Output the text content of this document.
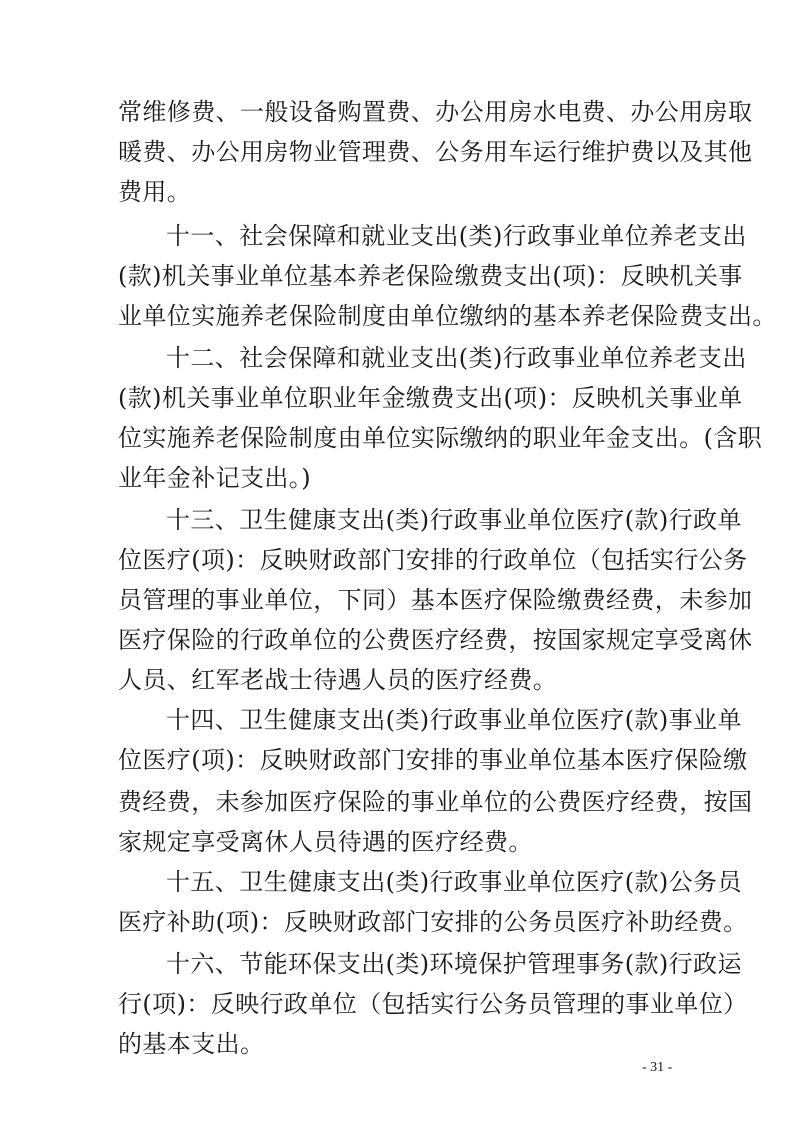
常维修费、一般设备购置费、办公用房水电费、办公用房取
暖费、办公用房物业管理费、公务用车运行维护费以及其他
费用。
十一、社会保障和就业支出(类)行政事业单位养老支出
(款)机关事业单位基本养老保险缴费支出(项)：反映机关事
业单位实施养老保险制度由单位缴纳的基本养老保险费支出。
十二、社会保障和就业支出(类)行政事业单位养老支出
(款)机关事业单位职业年金缴费支出(项)：反映机关事业单
位实施养老保险制度由单位实际缴纳的职业年金支出。(含职
业年金补记支出。)
十三、卫生健康支出(类)行政事业单位医疗(款)行政单
位医疗(项)：反映财政部门安排的行政单位（包括实行公务
员管理的事业单位，下同）基本医疗保险缴费经费，未参加
医疗保险的行政单位的公费医疗经费，按国家规定享受离休
人员、红军老战士待遇人员的医疗经费。
十四、卫生健康支出(类)行政事业单位医疗(款)事业单
位医疗(项)：反映财政部门安排的事业单位基本医疗保险缴
费经费，未参加医疗保险的事业单位的公费医疗经费，按国
家规定享受离休人员待遇的医疗经费。
十五、卫生健康支出(类)行政事业单位医疗(款)公务员
医疗补助(项)：反映财政部门安排的公务员医疗补助经费。
十六、节能环保支出(类)环境保护管理事务(款)行政运
行(项)：反映行政单位（包括实行公务员管理的事业单位）
的基本支出。
- 31 -
